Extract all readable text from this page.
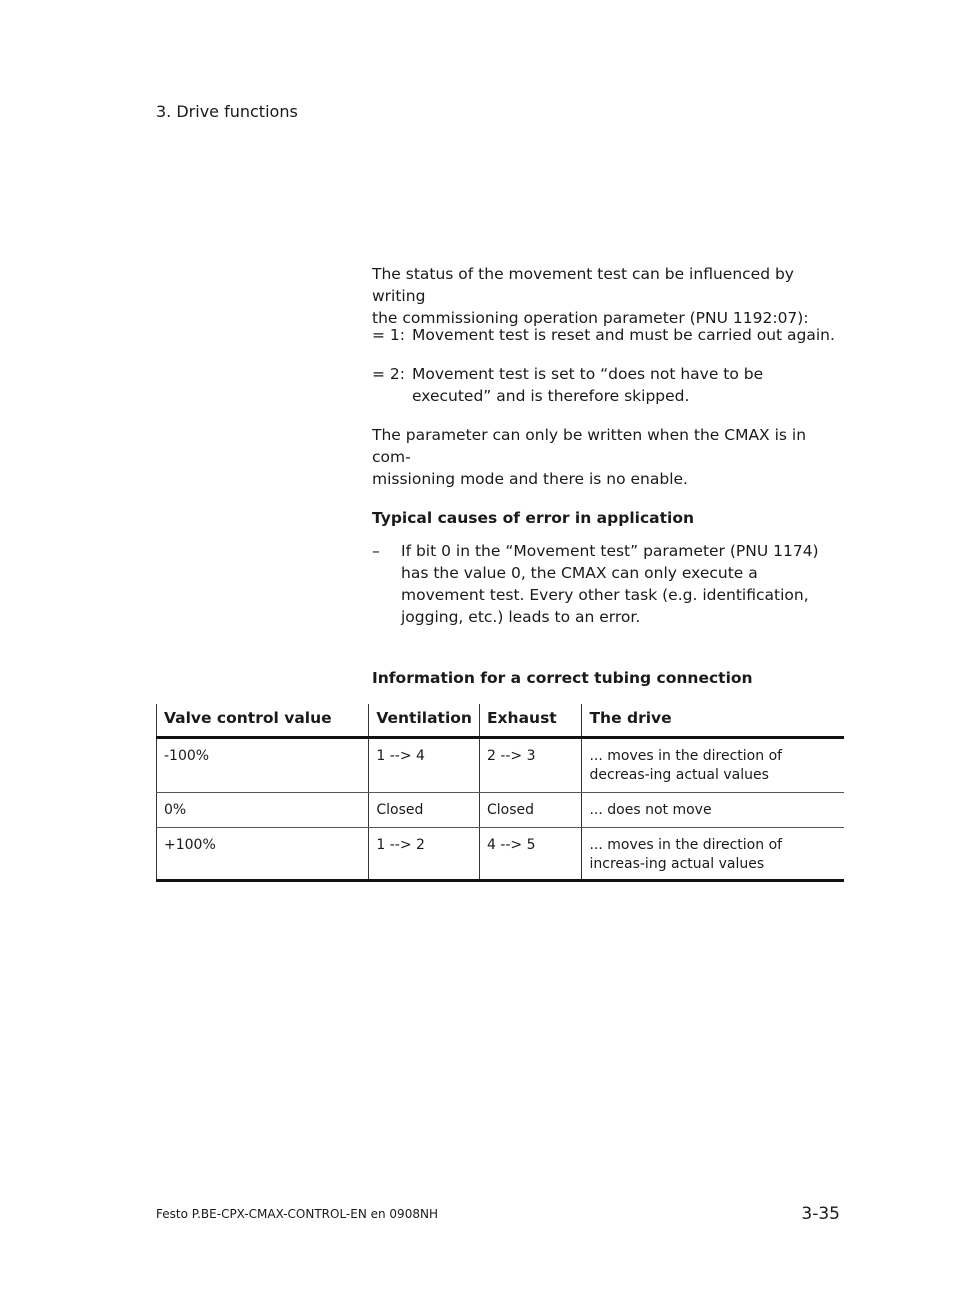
3. Drive functions

The status of the movement test can be influenced by writing

the commissioning operation parameter (PNU 1192:07):

= 1: Movement test is reset and must be carried out again.
= 2: Movement test is set to “does not have to be executed” and is therefore skipped.

The parameter can only be written when the CMAX is in com-

missioning mode and there is no enable.

Typical causes of error in application
–	If bit 0 in the “Movement test” parameter (PNU 1174) has the value 0, the CMAX can only execute a movement test. Every other task (e.g. identification, jogging, etc.) leads to an error.
Information for a correct tubing connection
Valve control value	Ventilation	Exhaust	The drive
-100%	1 --> 4	2 --> 3	... moves in the direction of decreas-ing actual values
0%	Closed	Closed	... does not move
+100%	1 --> 2	4 --> 5	... moves in the direction of increas-ing actual values
Festo P.BE-CPX-CMAX-CONTROL-EN en 0908NH	3-35
